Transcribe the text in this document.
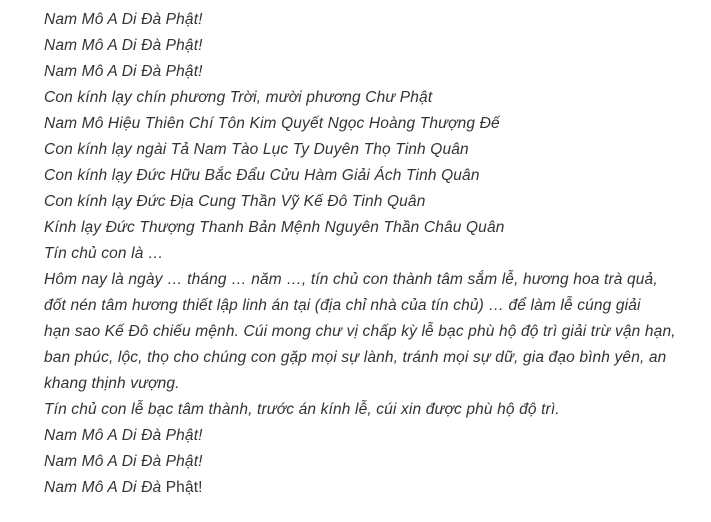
Nam Mô A Di Đà Phật!
Nam Mô A Di Đà Phật!
Nam Mô A Di Đà Phật!
Con kính lạy chín phương Trời, mười phương Chư Phật
Nam Mô Hiệu Thiên Chí Tôn Kim Quyết Ngọc Hoàng Thượng Đế
Con kính lạy ngài Tả Nam Tào Lục Ty Duyên Thọ Tinh Quân
Con kính lạy Đức Hữu Bắc Đẩu Cửu Hàm Giải Ách Tinh Quân
Con kính lạy Đức Địa Cung Thần Vỹ Kế Đô Tinh Quân
Kính lạy Đức Thượng Thanh Bản Mệnh Nguyên Thần Châu Quân
Tín chủ con là …
Hôm nay là ngày … tháng … năm …, tín chủ con thành tâm sắm lễ, hương hoa trà quả,
đốt nén tâm hương thiết lập linh án tại (địa chỉ nhà của tín chủ) … để làm lễ cúng giải
hạn sao Kế Đô chiếu mệnh. Cúi mong chư vị chấp kỳ lễ bạc phù hộ độ trì giải trừ vận hạn,
ban phúc, lộc, thọ cho chúng con gặp mọi sự lành, tránh mọi sự dữ, gia đạo bình yên, an
khang thịnh vượng.
Tín chủ con lễ bạc tâm thành, trước án kính lễ, cúi xin được phù hộ độ trì.
Nam Mô A Di Đà Phật!
Nam Mô A Di Đà Phật!
Nam Mô A Di Đà Phật!
